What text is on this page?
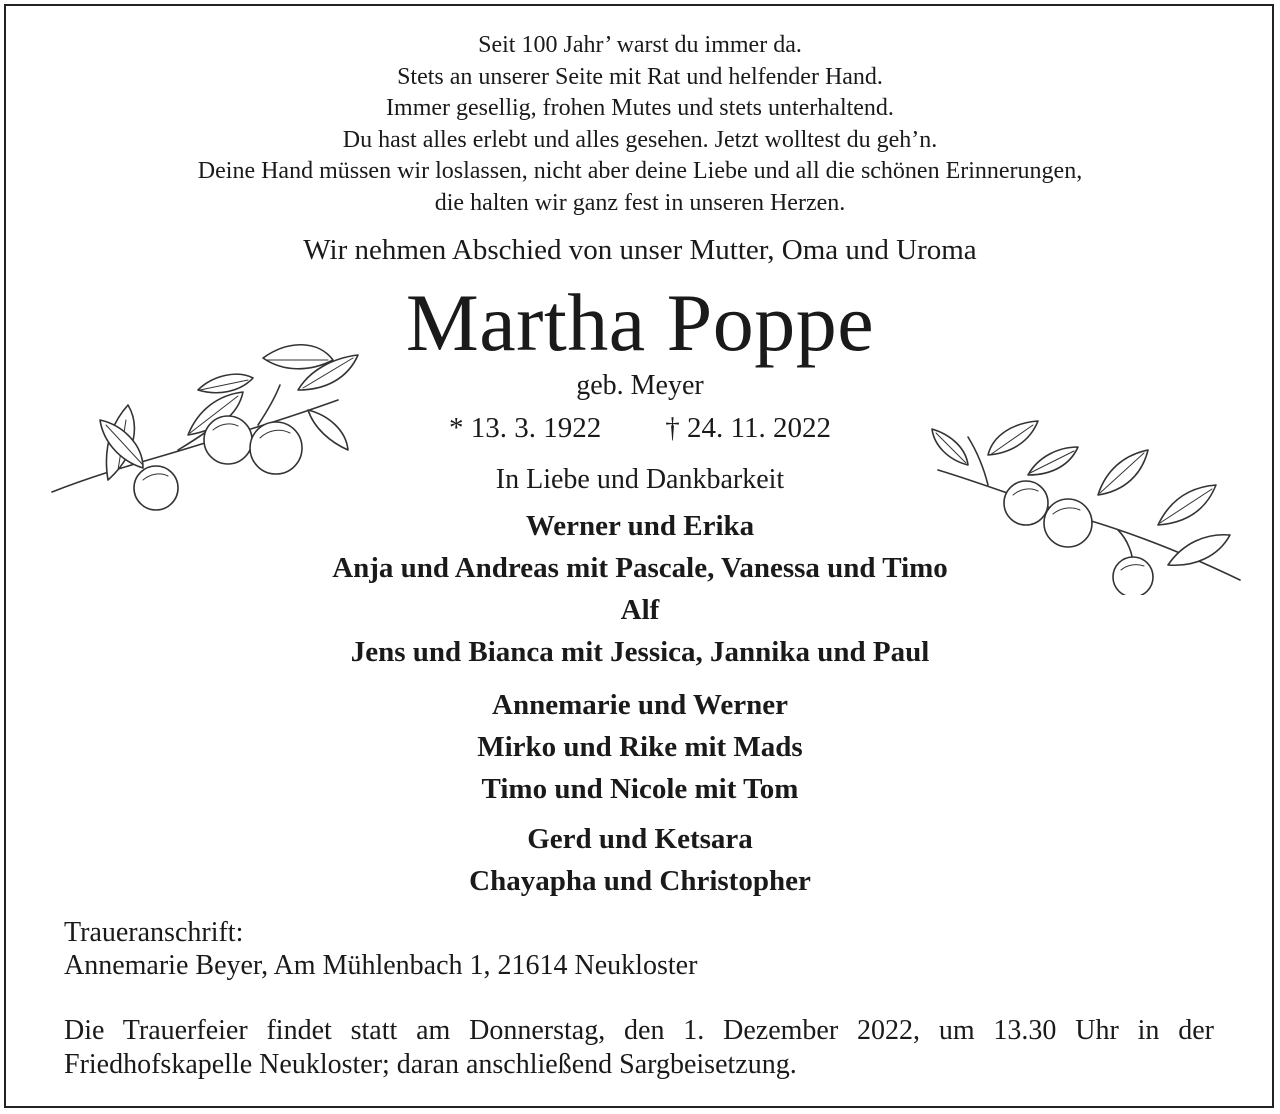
Seit 100 Jahr’ warst du immer da.
Stets an unserer Seite mit Rat und helfender Hand.
Immer gesellig, frohen Mutes und stets unterhaltend.
Du hast alles erlebt und alles gesehen. Jetzt wolltest du geh’n.
Deine Hand müssen wir loslassen, nicht aber deine Liebe und all die schönen Erinnerungen,
die halten wir ganz fest in unseren Herzen.
Wir nehmen Abschied von unser Mutter, Oma und Uroma
Martha Poppe
geb. Meyer
* 13. 3. 1922 † 24. 11. 2022
In Liebe und Dankbarkeit
Werner und Erika
Anja und Andreas mit Pascale, Vanessa und Timo
Alf
Jens und Bianca mit Jessica, Jannika und Paul
Annemarie und Werner
Mirko und Rike mit Mads
Timo und Nicole mit Tom
Gerd und Ketsara
Chayapha und Christopher
Traueranschrift:
Annemarie Beyer, Am Mühlenbach 1, 21614 Neukloster
Die Trauerfeier findet statt am Donnerstag, den 1. Dezember 2022, um 13.30 Uhr in der Friedhofskapelle Neukloster; daran anschließend Sargbeisetzung.
